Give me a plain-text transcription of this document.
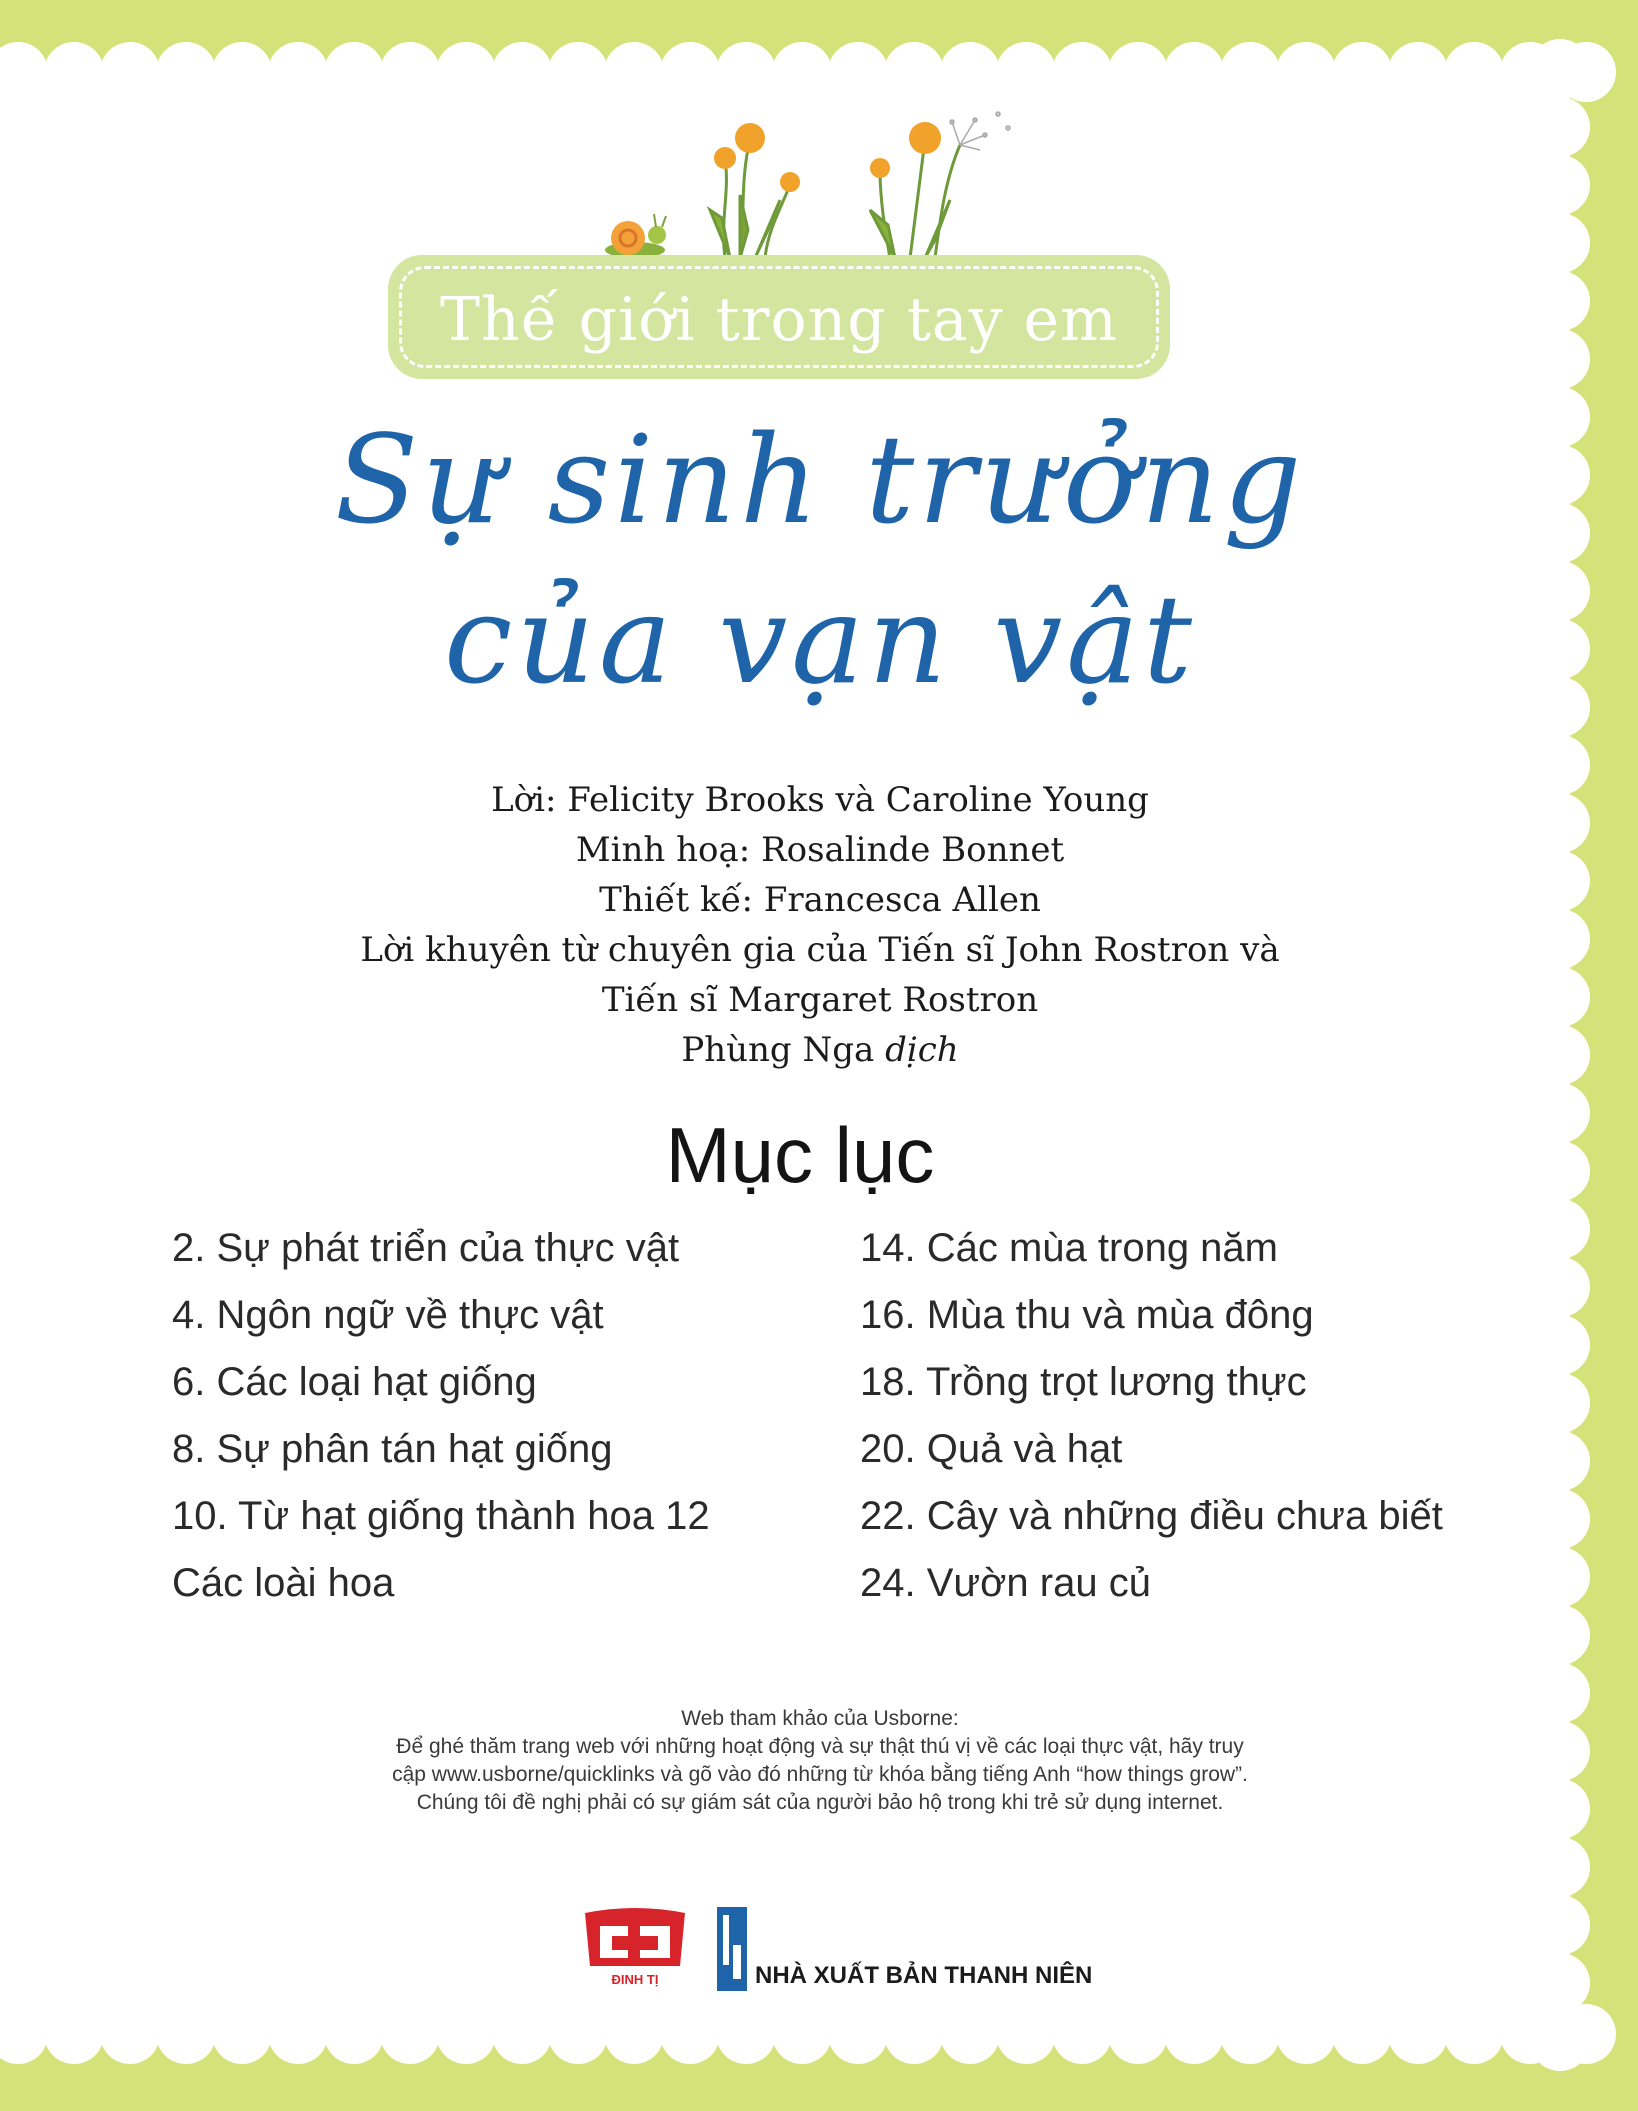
Thế giới trong tay em
Sự sinh trưởng
của vạn vật
Lời: Felicity Brooks và Caroline Young
Minh hoạ: Rosalinde Bonnet
Thiết kế: Francesca Allen
Lời khuyên từ chuyên gia của Tiến sĩ John Rostron và
Tiến sĩ Margaret Rostron
Phùng Nga dịch
Mục lục
2. Sự phát triển của thực vật
4. Ngôn ngữ về thực vật
6. Các loại hạt giống
8. Sự phân tán hạt giống
10. Từ hạt giống thành hoa 12
Các loài hoa
14. Các mùa trong năm
16. Mùa thu và mùa đông
18. Trồng trọt lương thực
20. Quả và hạt
22. Cây và những điều chưa biết
24. Vườn rau củ
Web tham khảo của Usborne:
Để ghé thăm trang web với những hoạt động và sự thật thú vị về các loại thực vật, hãy truy
cập www.usborne/quicklinks và gõ vào đó những từ khóa bằng tiếng Anh “how things grow”.
Chúng tôi đề nghị phải có sự giám sát của người bảo hộ trong khi trẻ sử dụng internet.
ĐINH TỊ	NHÀ XUẤT BẢN THANH NIÊN
